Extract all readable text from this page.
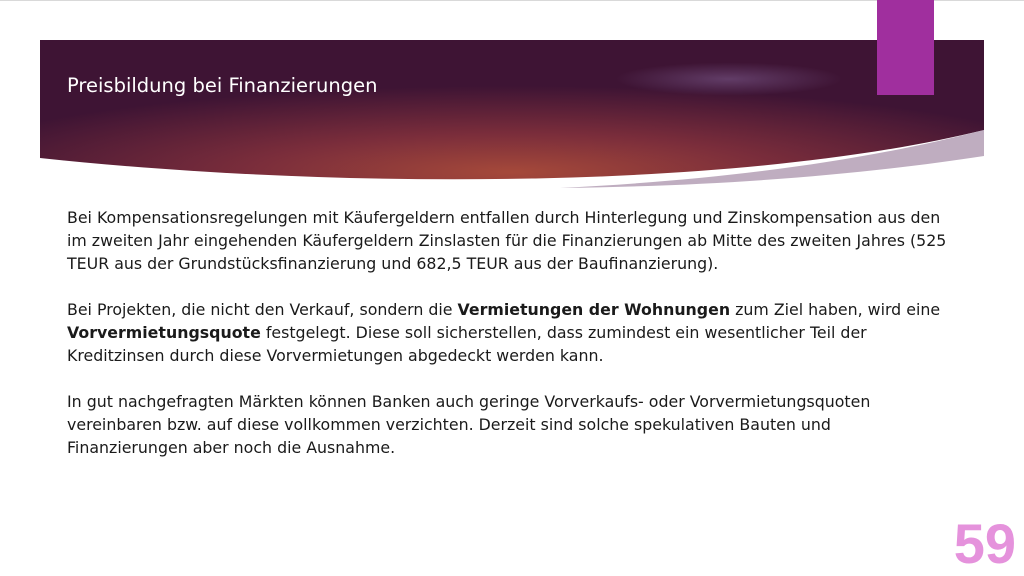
Preisbildung bei Finanzierungen

Bei Kompensationsregelungen mit Käufergeldern entfallen durch Hinterlegung und Zinskompensation aus den im zweiten Jahr eingehenden Käufergeldern Zinslasten für die Finanzierungen ab Mitte des zweiten Jahres (525 TEUR aus der Grundstücksfinanzierung und 682,5 TEUR aus der Baufinanzierung).

Bei Projekten, die nicht den Verkauf, sondern die Vermietungen der Wohnungen zum Ziel haben, wird eine Vorvermietungsquote festgelegt. Diese soll sicherstellen, dass zumindest ein wesentlicher Teil der Kreditzinsen durch diese Vorvermietungen abgedeckt werden kann.

In gut nachgefragten Märkten können Banken auch geringe Vorverkaufs- oder Vorvermietungsquoten vereinbaren bzw. auf diese vollkommen verzichten. Derzeit sind solche spekulativen Bauten und Finanzierungen aber noch die Ausnahme.

59
